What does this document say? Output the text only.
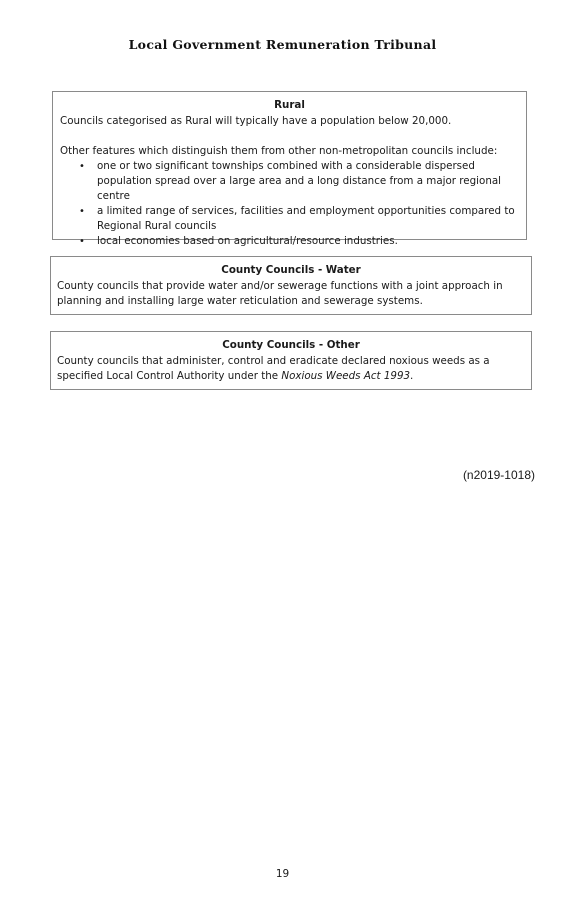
Local Government Remuneration Tribunal
Rural

Councils categorised as Rural will typically have a population below 20,000.

Other features which distinguish them from other non-metropolitan councils include:

• one or two significant townships combined with a considerable dispersed population spread over a large area and a long distance from a major regional centre
• a limited range of services, facilities and employment opportunities compared to Regional Rural councils
• local economies based on agricultural/resource industries.
County Councils - Water

County councils that provide water and/or sewerage functions with a joint approach in planning and installing large water reticulation and sewerage systems.

County Councils - Other

County councils that administer, control and eradicate declared noxious weeds as a specified Local Control Authority under the Noxious Weeds Act 1993.

(n2019-1018)
19
